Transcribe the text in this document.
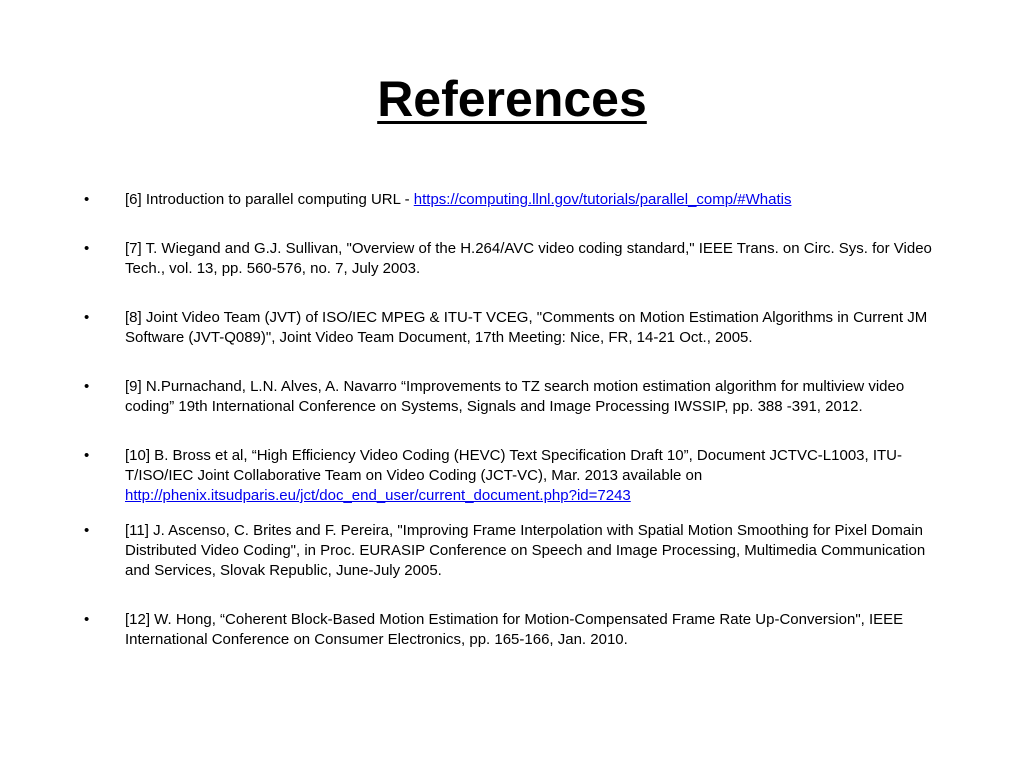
References
• [6] Introduction to parallel computing URL - https://computing.llnl.gov/tutorials/parallel_comp/#Whatis
• [7] T. Wiegand and G.J. Sullivan, "Overview of the H.264/AVC video coding standard," IEEE Trans. on Circ. Sys. for Video Tech., vol. 13, pp. 560-576, no. 7, July 2003.
• [8] Joint Video Team (JVT) of ISO/IEC MPEG & ITU-T VCEG, "Comments on Motion Estimation Algorithms in Current JM Software (JVT-Q089)", Joint Video Team Document, 17th Meeting: Nice, FR, 14-21 Oct., 2005.
• [9] N.Purnachand, L.N. Alves, A. Navarro “Improvements to TZ search motion estimation algorithm for multiview video coding” 19th International Conference on Systems, Signals and Image Processing IWSSIP, pp. 388 -391, 2012.
• [10] B. Bross et al, “High Efficiency Video Coding (HEVC) Text Specification Draft 10”, Document JCTVC-L1003, ITU-T/ISO/IEC Joint Collaborative Team on Video Coding (JCT-VC), Mar. 2013 available on http://phenix.itsudparis.eu/jct/doc_end_user/current_document.php?id=7243
• [11] J. Ascenso, C. Brites and F. Pereira, "Improving Frame Interpolation with Spatial Motion Smoothing for Pixel Domain Distributed Video Coding", in Proc. EURASIP Conference on Speech and Image Processing, Multimedia Communication and Services, Slovak Republic, June-July 2005.
• [12] W. Hong, “Coherent Block-Based Motion Estimation for Motion-Compensated Frame Rate Up-Conversion", IEEE International Conference on Consumer Electronics, pp. 165-166, Jan. 2010.
